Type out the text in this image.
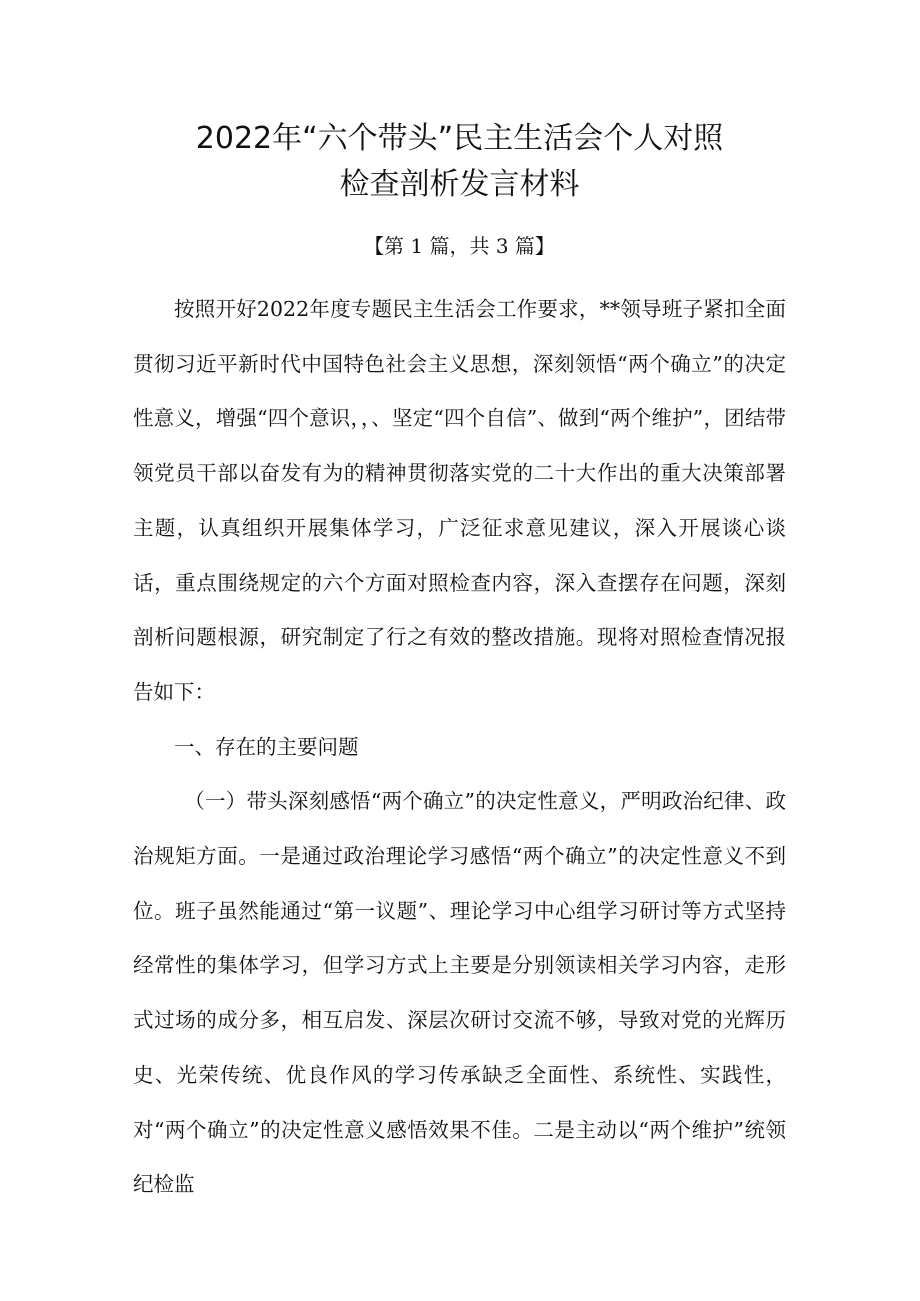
2022年“六个带头”民主生活会个人对照
检查剖析发言材料
【第 1 篇，共 3 篇】

按照开好2022年度专题民主生活会工作要求，**领导班子紧扣全面贯彻习近平新时代中国特色社会主义思想，深刻领悟“两个确立”的决定性意义，增强“四个意识，，、坚定“四个自信”、做到“两个维护”，团结带领党员干部以奋发有为的精神贯彻落实党的二十大作出的重大决策部署主题，认真组织开展集体学习，广泛征求意见建议，深入开展谈心谈话，重点围绕规定的六个方面对照检查内容，深入查摆存在问题，深刻剖析问题根源，研究制定了行之有效的整改措施。现将对照检查情况报告如下：

一、存在的主要问题

（一）带头深刻感悟“两个确立”的决定性意义，严明政治纪律、政治规矩方面。一是通过政治理论学习感悟“两个确立”的决定性意义不到位。班子虽然能通过“第一议题”、理论学习中心组学习研讨等方式坚持经常性的集体学习，但学习方式上主要是分别领读相关学习内容，走形式过场的成分多，相互启发、深层次研讨交流不够，导致对党的光辉历史、光荣传统、优良作风的学习传承缺乏全面性、系统性、实践性，对“两个确立”的决定性意义感悟效果不佳。二是主动以“两个维护”统领纪检监
